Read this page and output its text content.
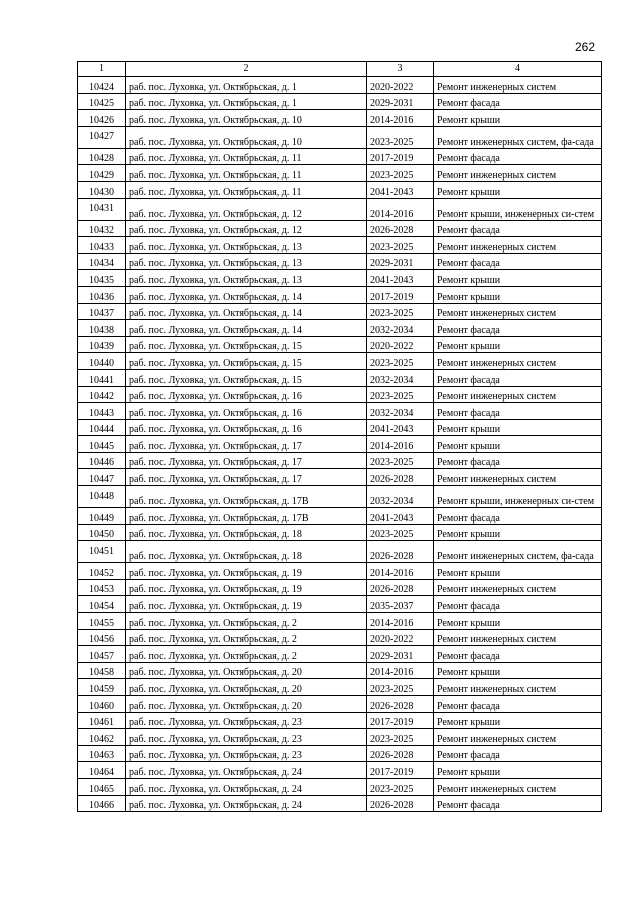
262
1	2	3	4
10424	раб. пос. Луховка, ул. Октябрьская, д. 1	2020-2022	Ремонт инженерных систем
10425	раб. пос. Луховка, ул. Октябрьская, д. 1	2029-2031	Ремонт фасада
10426	раб. пос. Луховка, ул. Октябрьская, д. 10	2014-2016	Ремонт крыши
10427	раб. пос. Луховка, ул. Октябрьская, д. 10	2023-2025	Ремонт инженерных систем, фа-сада
10428	раб. пос. Луховка, ул. Октябрьская, д. 11	2017-2019	Ремонт фасада
10429	раб. пос. Луховка, ул. Октябрьская, д. 11	2023-2025	Ремонт инженерных систем
10430	раб. пос. Луховка, ул. Октябрьская, д. 11	2041-2043	Ремонт крыши
10431	раб. пос. Луховка, ул. Октябрьская, д. 12	2014-2016	Ремонт крыши, инженерных си-стем
10432	раб. пос. Луховка, ул. Октябрьская, д. 12	2026-2028	Ремонт фасада
10433	раб. пос. Луховка, ул. Октябрьская, д. 13	2023-2025	Ремонт инженерных систем
10434	раб. пос. Луховка, ул. Октябрьская, д. 13	2029-2031	Ремонт фасада
10435	раб. пос. Луховка, ул. Октябрьская, д. 13	2041-2043	Ремонт крыши
10436	раб. пос. Луховка, ул. Октябрьская, д. 14	2017-2019	Ремонт крыши
10437	раб. пос. Луховка, ул. Октябрьская, д. 14	2023-2025	Ремонт инженерных систем
10438	раб. пос. Луховка, ул. Октябрьская, д. 14	2032-2034	Ремонт фасада
10439	раб. пос. Луховка, ул. Октябрьская, д. 15	2020-2022	Ремонт крыши
10440	раб. пос. Луховка, ул. Октябрьская, д. 15	2023-2025	Ремонт инженерных систем
10441	раб. пос. Луховка, ул. Октябрьская, д. 15	2032-2034	Ремонт фасада
10442	раб. пос. Луховка, ул. Октябрьская, д. 16	2023-2025	Ремонт инженерных систем
10443	раб. пос. Луховка, ул. Октябрьская, д. 16	2032-2034	Ремонт фасада
10444	раб. пос. Луховка, ул. Октябрьская, д. 16	2041-2043	Ремонт крыши
10445	раб. пос. Луховка, ул. Октябрьская, д. 17	2014-2016	Ремонт крыши
10446	раб. пос. Луховка, ул. Октябрьская, д. 17	2023-2025	Ремонт фасада
10447	раб. пос. Луховка, ул. Октябрьская, д. 17	2026-2028	Ремонт инженерных систем
10448	раб. пос. Луховка, ул. Октябрьская, д. 17В	2032-2034	Ремонт крыши, инженерных си-стем
10449	раб. пос. Луховка, ул. Октябрьская, д. 17В	2041-2043	Ремонт фасада
10450	раб. пос. Луховка, ул. Октябрьская, д. 18	2023-2025	Ремонт крыши
10451	раб. пос. Луховка, ул. Октябрьская, д. 18	2026-2028	Ремонт инженерных систем, фа-сада
10452	раб. пос. Луховка, ул. Октябрьская, д. 19	2014-2016	Ремонт крыши
10453	раб. пос. Луховка, ул. Октябрьская, д. 19	2026-2028	Ремонт инженерных систем
10454	раб. пос. Луховка, ул. Октябрьская, д. 19	2035-2037	Ремонт фасада
10455	раб. пос. Луховка, ул. Октябрьская, д. 2	2014-2016	Ремонт крыши
10456	раб. пос. Луховка, ул. Октябрьская, д. 2	2020-2022	Ремонт инженерных систем
10457	раб. пос. Луховка, ул. Октябрьская, д. 2	2029-2031	Ремонт фасада
10458	раб. пос. Луховка, ул. Октябрьская, д. 20	2014-2016	Ремонт крыши
10459	раб. пос. Луховка, ул. Октябрьская, д. 20	2023-2025	Ремонт инженерных систем
10460	раб. пос. Луховка, ул. Октябрьская, д. 20	2026-2028	Ремонт фасада
10461	раб. пос. Луховка, ул. Октябрьская, д. 23	2017-2019	Ремонт крыши
10462	раб. пос. Луховка, ул. Октябрьская, д. 23	2023-2025	Ремонт инженерных систем
10463	раб. пос. Луховка, ул. Октябрьская, д. 23	2026-2028	Ремонт фасада
10464	раб. пос. Луховка, ул. Октябрьская, д. 24	2017-2019	Ремонт крыши
10465	раб. пос. Луховка, ул. Октябрьская, д. 24	2023-2025	Ремонт инженерных систем
10466	раб. пос. Луховка, ул. Октябрьская, д. 24	2026-2028	Ремонт фасада
